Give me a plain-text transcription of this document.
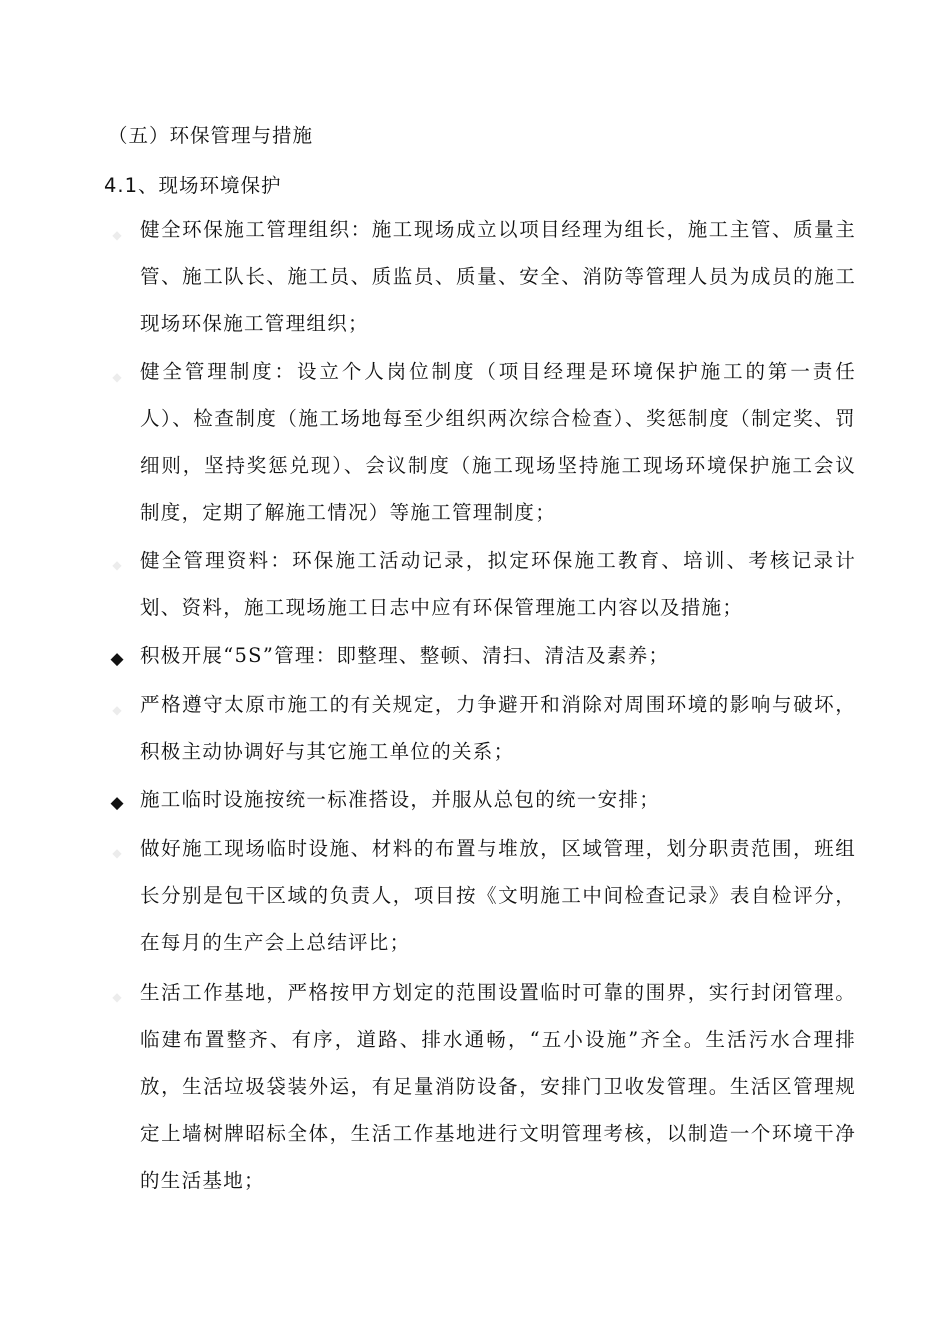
（五）环保管理与措施
4.1、现场环境保护
◆ 健全环保施工管理组织：施工现场成立以项目经理为组长，施工主管、质量主管、施工队长、施工员、质监员、质量、安全、消防等管理人员为成员的施工现场环保施工管理组织；
◆ 健全管理制度：设立个人岗位制度（项目经理是环境保护施工的第一责任人）、检查制度（施工场地每至少组织两次综合检查）、奖惩制度（制定奖、罚细则，坚持奖惩兑现）、会议制度（施工现场坚持施工现场环境保护施工会议制度，定期了解施工情况）等施工管理制度；
◆ 健全管理资料：环保施工活动记录，拟定环保施工教育、培训、考核记录计划、资料，施工现场施工日志中应有环保管理施工内容以及措施；
◆ 积极开展“5S”管理：即整理、整顿、清扫、清洁及素养；
◆ 严格遵守太原市施工的有关规定，力争避开和消除对周围环境的影响与破坏，积极主动协调好与其它施工单位的关系；
◆ 施工临时设施按统一标准搭设，并服从总包的统一安排；
◆ 做好施工现场临时设施、材料的布置与堆放，区域管理，划分职责范围，班组长分别是包干区域的负责人，项目按《文明施工中间检查记录》表自检评分，在每月的生产会上总结评比；
◆ 生活工作基地，严格按甲方划定的范围设置临时可靠的围界，实行封闭管理。临建布置整齐、有序，道路、排水通畅，“五小设施”齐全。生活污水合理排放，生活垃圾袋装外运，有足量消防设备，安排门卫收发管理。生活区管理规定上墙树牌昭标全体，生活工作基地进行文明管理考核，以制造一个环境干净的生活基地；
